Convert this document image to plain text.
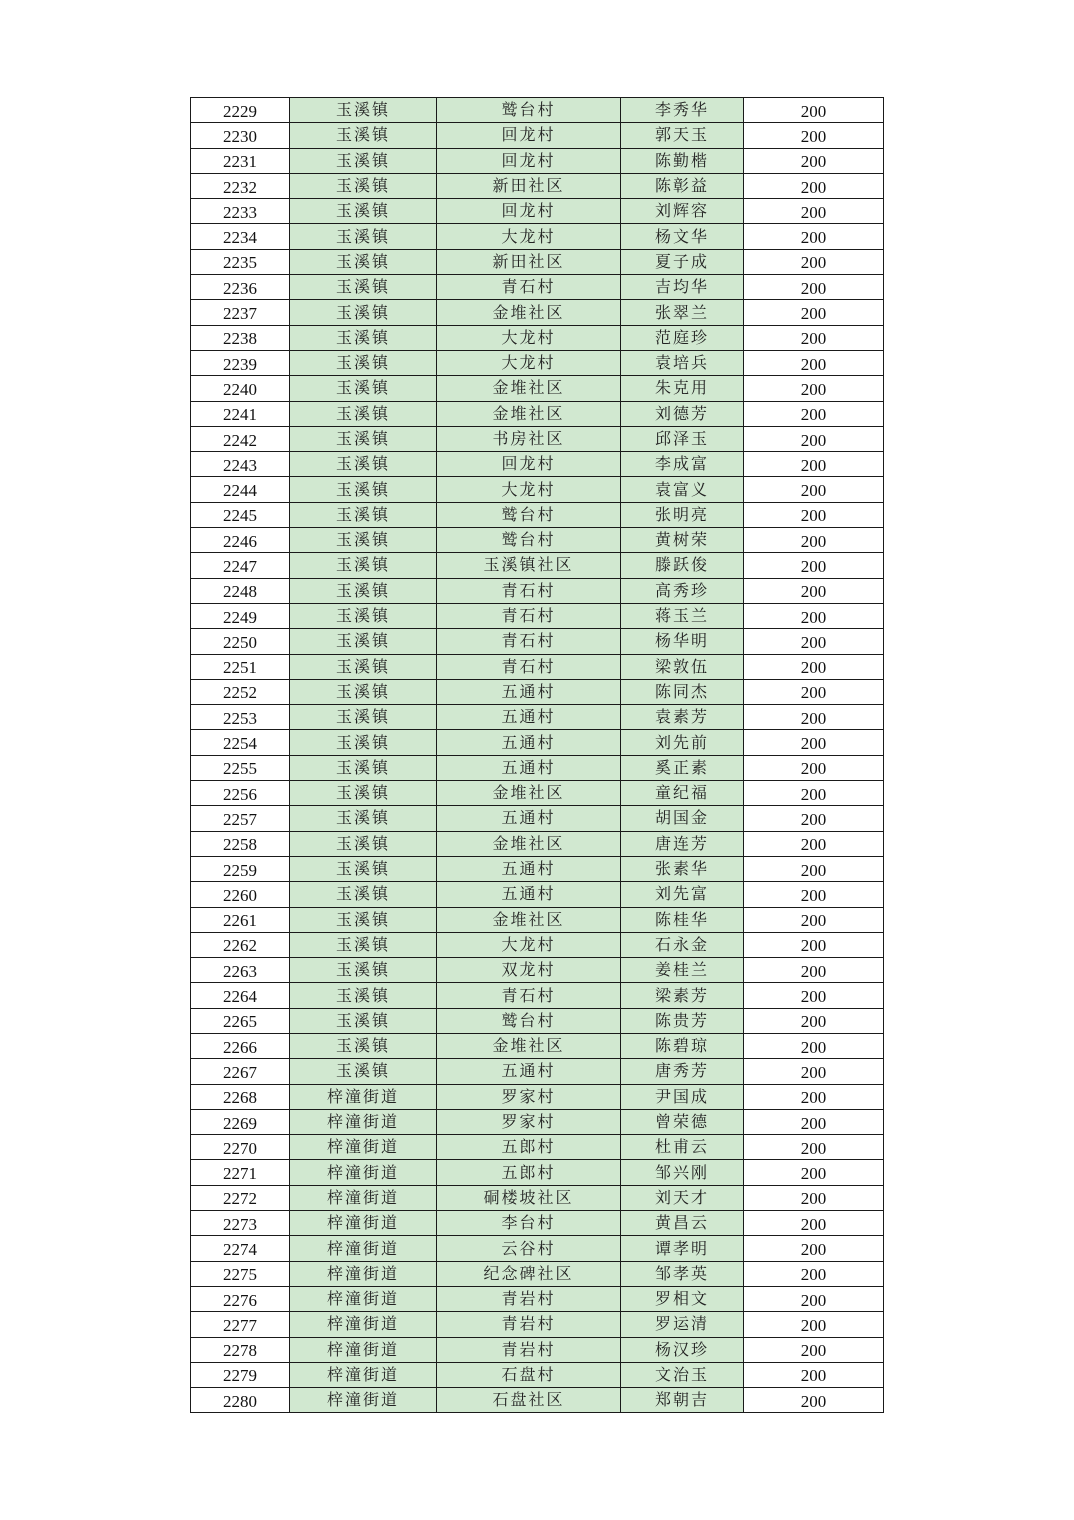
2229	玉溪镇	鹫台村	李秀华	200
2230	玉溪镇	回龙村	郭天玉	200
2231	玉溪镇	回龙村	陈勤楷	200
2232	玉溪镇	新田社区	陈彰益	200
2233	玉溪镇	回龙村	刘辉容	200
2234	玉溪镇	大龙村	杨文华	200
2235	玉溪镇	新田社区	夏子成	200
2236	玉溪镇	青石村	吉均华	200
2237	玉溪镇	金堆社区	张翠兰	200
2238	玉溪镇	大龙村	范庭珍	200
2239	玉溪镇	大龙村	袁培兵	200
2240	玉溪镇	金堆社区	朱克用	200
2241	玉溪镇	金堆社区	刘德芳	200
2242	玉溪镇	书房社区	邱泽玉	200
2243	玉溪镇	回龙村	李成富	200
2244	玉溪镇	大龙村	袁富义	200
2245	玉溪镇	鹫台村	张明亮	200
2246	玉溪镇	鹫台村	黄树荣	200
2247	玉溪镇	玉溪镇社区	滕跃俊	200
2248	玉溪镇	青石村	高秀珍	200
2249	玉溪镇	青石村	蒋玉兰	200
2250	玉溪镇	青石村	杨华明	200
2251	玉溪镇	青石村	梁敦伍	200
2252	玉溪镇	五通村	陈同杰	200
2253	玉溪镇	五通村	袁素芳	200
2254	玉溪镇	五通村	刘先前	200
2255	玉溪镇	五通村	奚正素	200
2256	玉溪镇	金堆社区	童纪福	200
2257	玉溪镇	五通村	胡国金	200
2258	玉溪镇	金堆社区	唐连芳	200
2259	玉溪镇	五通村	张素华	200
2260	玉溪镇	五通村	刘先富	200
2261	玉溪镇	金堆社区	陈桂华	200
2262	玉溪镇	大龙村	石永金	200
2263	玉溪镇	双龙村	姜桂兰	200
2264	玉溪镇	青石村	梁素芳	200
2265	玉溪镇	鹫台村	陈贵芳	200
2266	玉溪镇	金堆社区	陈碧琼	200
2267	玉溪镇	五通村	唐秀芳	200
2268	梓潼街道	罗家村	尹国成	200
2269	梓潼街道	罗家村	曾荣德	200
2270	梓潼街道	五郎村	杜甫云	200
2271	梓潼街道	五郎村	邹兴刚	200
2272	梓潼街道	硐楼坡社区	刘天才	200
2273	梓潼街道	李台村	黄昌云	200
2274	梓潼街道	云谷村	谭孝明	200
2275	梓潼街道	纪念碑社区	邹孝英	200
2276	梓潼街道	青岩村	罗相文	200
2277	梓潼街道	青岩村	罗运清	200
2278	梓潼街道	青岩村	杨汉珍	200
2279	梓潼街道	石盘村	文治玉	200
2280	梓潼街道	石盘社区	郑朝吉	200
